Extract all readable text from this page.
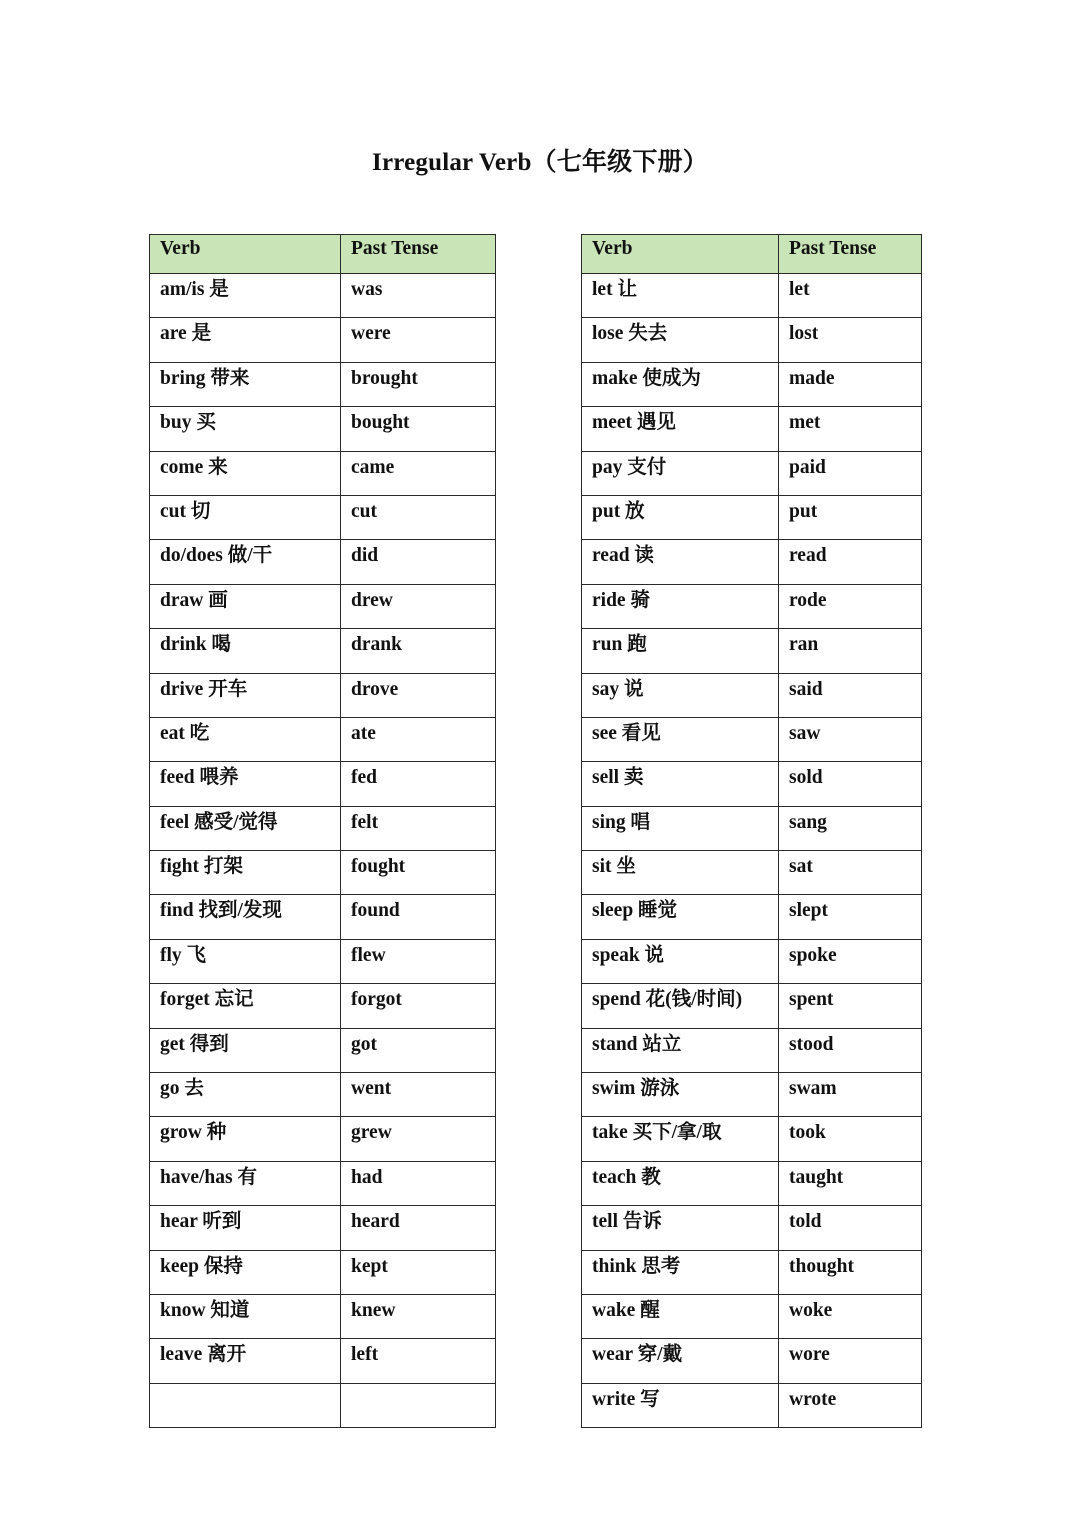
Irregular Verb（七年级下册）
Verb	Past Tense
am/is 是	was
are 是	were
bring 带来	brought
buy 买	bought
come 来	came
cut 切	cut
do/does 做/干	did
draw 画	drew
drink 喝	drank
drive 开车	drove
eat 吃	ate
feed 喂养	fed
feel 感受/觉得	felt
fight 打架	fought
find 找到/发现	found
fly 飞	flew
forget 忘记	forgot
get 得到	got
go 去	went
grow 种	grew
have/has 有	had
hear 听到	heard
keep 保持	kept
know 知道	knew
leave 离开	left

Verb	Past Tense
let 让	let
lose 失去	lost
make 使成为	made
meet 遇见	met
pay 支付	paid
put 放	put
read 读	read
ride 骑	rode
run 跑	ran
say 说	said
see 看见	saw
sell 卖	sold
sing 唱	sang
sit 坐	sat
sleep 睡觉	slept
speak 说	spoke
spend 花(钱/时间)	spent
stand 站立	stood
swim 游泳	swam
take 买下/拿/取	took
teach 教	taught
tell 告诉	told
think 思考	thought
wake 醒	woke
wear 穿/戴	wore
write 写	wrote
